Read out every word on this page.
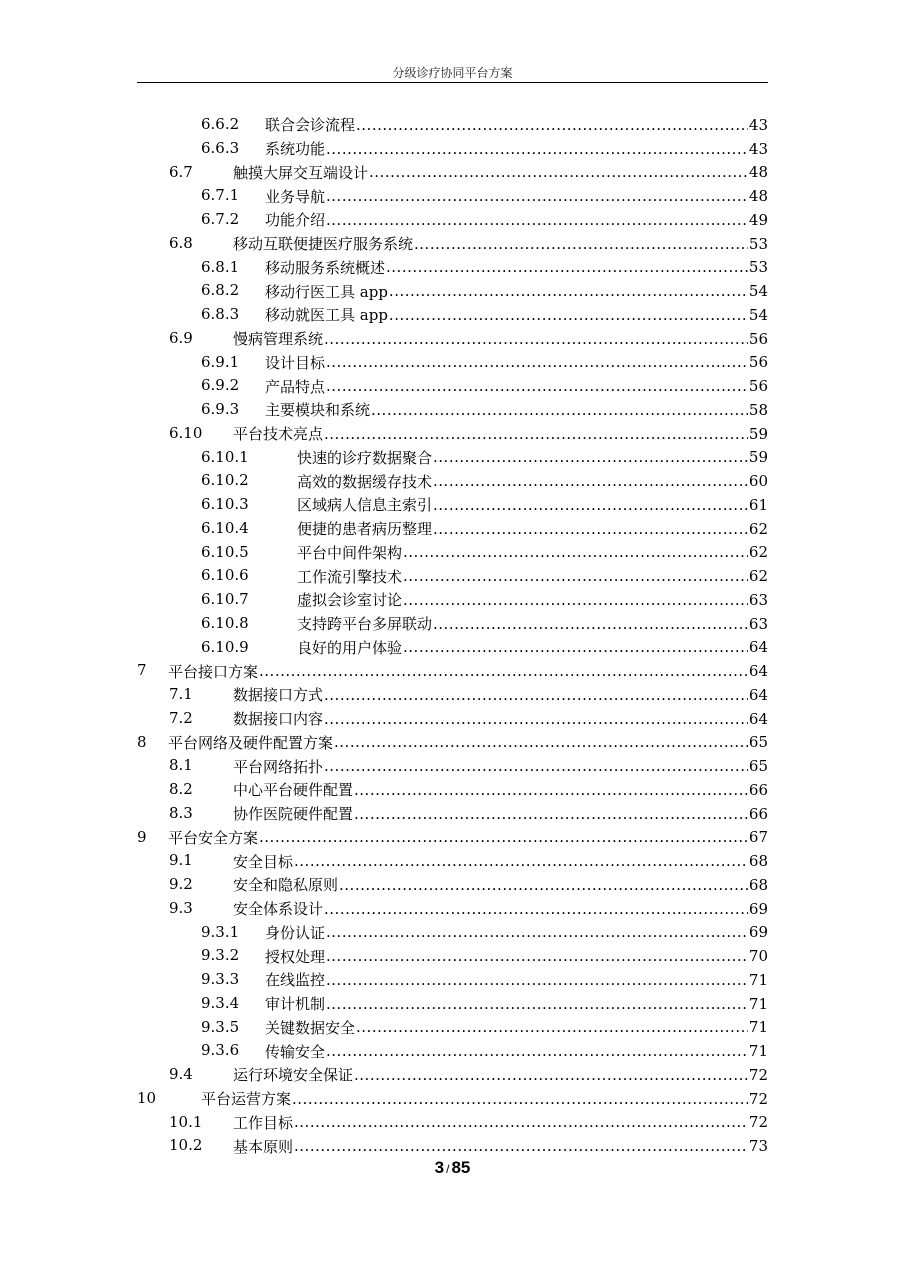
分级诊疗协同平台方案
6.6.2 联合会诊流程 .....	43
6.6.3 系统功能 .....	43
6.7	触摸大屏交互端设计 .....	48
6.7.1 业务导航 .....	48
6.7.2 功能介绍 .....	49
6.8	移动互联便捷医疗服务系统 .....	53
6.8.1 移动服务系统概述 .....	53
6.8.2 移动行医工具 app .....	54
6.8.3 移动就医工具 app .....	54
6.9	慢病管理系统 .....	56
6.9.1 设计目标 .....	56
6.9.2 产品特点 .....	56
6.9.3 主要模块和系统 .....	58
6.10 平台技术亮点 .....	59
6.10.1	快速的诊疗数据聚合 .....	59
6.10.2	高效的数据缓存技术 .....	60
6.10.3	区域病人信息主索引 .....	61
6.10.4	便捷的患者病历整理 .....	62
6.10.5	平台中间件架构 .....	62
6.10.6	工作流引擎技术 .....	62
6.10.7	虚拟会诊室讨论 .....	63
6.10.8	支持跨平台多屏联动 .....	63
6.10.9	良好的用户体验 .....	64
7 平台接口方案 .....	64
7.1	数据接口方式 .....	64
7.2	数据接口内容 .....	64
8 平台网络及硬件配置方案 .....	65
8.1	平台网络拓扑 .....	65
8.2	中心平台硬件配置 .....	66
8.3	协作医院硬件配置 .....	66
9 平台安全方案 .....	67
9.1	安全目标 .....	68
9.2	安全和隐私原则 .....	68
9.3	安全体系设计 .....	69
9.3.1 身份认证 .....	69
9.3.2 授权处理 .....	70
9.3.3 在线监控 .....	71
9.3.4 审计机制 .....	71
9.3.5 关键数据安全 .....	71
9.3.6 传输安全 .....	71
9.4	运行环境安全保证 .....	72
10	平台运营方案 .....	72
10.1 工作目标 .....	72
10.2 基本原则 .....	73
3 / 85
